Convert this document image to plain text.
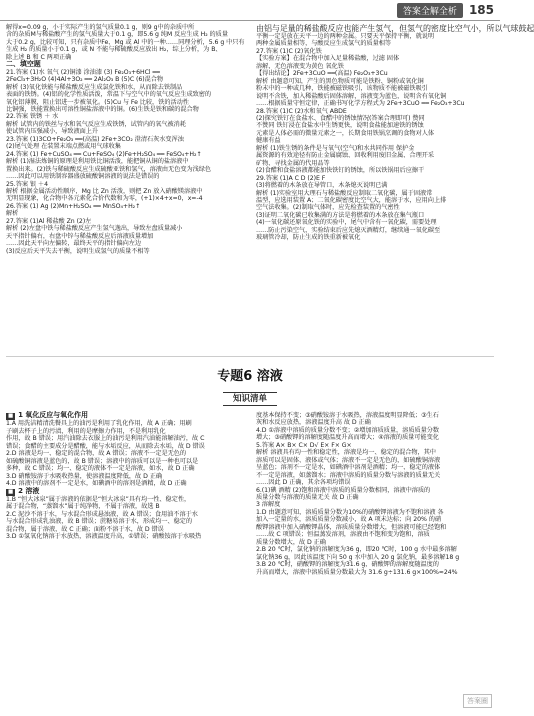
答案全解全析	185

解得x=0.09 g，小于实际产生的氢气质量0.1 g，则9 g中的杂质中所

含的杂质M与稀盐酸产生的氢气质量大于0.1 g，即5.6 g 纯M 反应生成 H₂ 的质量

大于0.2 g，比较可知，只有杂质中Fe、Mg 或 Al 中的一种……同理分析，5.6 g 中只有

生成 H₂ 的质量小于0.1 g，或 N 不能与稀硫酸反应放出 H₂，综上分析，为 B、

除上述 B 和 C 两项正确

二、填空题

21.答案 (1)水 氧气 (2)铜漆 涂油漆 (3) Fe₂O₃+6HCl ══

2FeCl₃+3H₂O (4)4Al+3O₂ ══ 2Al₂O₃ B (5)C (6)混合物

解析 (3)氧化铁能与稀盐酸反应生成氯化铁和水，从而除去铁制品

表面的铁锈。(4)铝的化学性质活泼，常温下与空气中的氧气反应生成致密的

氧化铝薄膜，阻止铝进一步被氧化。(5)Cu 与 Fe 比较，铁的活动性

比铜强，铁能置换出可溶性铜盐溶液中的铜。(6)生铁是铁和碳的混合物

22.答案 铁锈 ＋ 水

解析 试管内的铁丝与水和氧气反应生成铁锈，试管内的氧气被消耗

使试管内压强减小，导致液面上升

23.答案 (1)3CO+Fe₂O₃ ══(高温) 2Fe+3CO₂ 澄清石灰水变浑浊

(2)尾气处理 在装置末端点燃或用气球收集

24.答案 (1) Fe+CuSO₄ ══ Cu+FeSO₄ (2)Fe+H₂SO₄ ══ FeSO₄+H₂↑

解析 (1)湿法炼铜的原理是利用铁比铜活泼，能把铜从铜的盐溶液中

置换出来。(2)铁与稀硫酸反应生成硫酸亚铁和氢气，溶液由无色变为浅绿色

……因此可以用铁制容器盛放硫酸铜溶液的说法是错误的

25.答案 银 ＋4

解析 根据金属活动性顺序，Mg 比 Zn 活泼，则把 Zn 放入硝酸镁溶液中

无明显现象，化合物中各元素化合价代数和为零，(+1)×4+x=0，x=-4

26.答案 (1) Ag (2)Mn+H₂SO₄ ══ MnSO₄+H₂↑

解析

27.答案 (1)Al 稀盐酸 Zn (2)左

解析 (2)左盘中铁与稀盐酸反应产生氢气逸出，导致左盘质量减小

天平指针偏右，右盘中锌与稀盐酸反应后溶液质量增加

……因此天平向左偏转，最终天平的指针偏向左边

(3)反应后天平失去平衡，说明生成氢气的质量不相等

由铝与足量的稀盐酸反应也能产生氢气，但氢气的密度比空气小，所以气球鼓起

平衡一定是放在天平一边的两种金属。只要天平保持平衡，就说明

两种金属质量相等，与酸反应生成氢气的质量相等

27.答案 (1)C (2)氧化铁

【实验方案】在混合物中加入足量稀盐酸，过滤 固体

溶解，无色溶液变为黄色 氧化铁

【得出结论】2Fe+3CuO ══(高温) Fe₂O₃+3Cu

解析 由题意可知，产生的黑色物质可能是铁粉、铜粉或氧化铜

粉末中的一种或几种，铁能被磁铁吸引，该物质不能被磁铁吸引

说明不含铁，加入稀盐酸后固体溶解，溶液变为蓝色，说明含有氧化铜

……根据质量守恒定律，正确书写化学方程式为 2Fe+3CuO ══ Fe₂O₃+3Cu

28.答案 (1)C (2)水和氧气 ABDE

(2)探究铁钉在食盐水、食醋中的锈蚀情况(答案合理即可) 赞同

不赞同 铁钉浸在食盐水中生锈更快，说明食盐能加速铁的锈蚀

元素是人体必需的微量元素之一，长期食用铁锅烹调的食物对人体

健康有益

解析 (1)铁生锈的条件是与氧气(空气)和水共同作用 保护金

属资源的有效途径有防止金属腐蚀、回收利用废旧金属、合理开采

矿物、寻找金属的代用品等

(2)食醋和食盐溶液都能加快铁钉的锈蚀，所以铁锅用后应擦干

29.答案 (1)A C D (2)E F

(3)将燃着的木条放在导管口，木条熄灭说明已满

解析 (1)实验室用大理石与稀盐酸反应制取二氧化碳，属于固液常

温型，应选用装置 A；二氧化碳密度比空气大，能溶于水，应用向上排

空气法收集。(2)制取气体时，应先检查装置的气密性

(3)证明二氧化碳已收集满的方法是将燃着的木条放在集气瓶口

(4)一氧化碳还原氧化铁的实验中，尾气中含有一氧化碳，需要处理

……防止污染空气，实验结束后应先熄灭酒精灯，继续通一氧化碳至

玻璃管冷却，防止生成的铁重新被氧化

专题6 溶液
知识清单

■ 1 氧化反应与氧化作用

1.A 用洗洁精清洗餐具上的油污是利用了乳化作用，故 A 正确；用刷

子刷去杯子上的污渍，利用的是摩擦力作用，不是利用乳化

作用，故 B 错误；用汽油除去衣服上的油污是利用汽油能溶解油污，故 C

错误；食醋的主要成分是醋酸，能与水垢反应，从而除去水垢，故 D 错误

2.D 溶液是均一、稳定的混合物，故 A 错误；溶液不一定是无色的

如硫酸铜溶液是蓝色的，故 B 错误；溶液中的溶质可以是一种也可以是

多种，故 C 错误；均一、稳定的液体不一定是溶液，如水，故 D 正确

3.D 硝酸铵溶于水吸收热量，使溶液温度降低，故 D 正确

4.D 溶液中的溶剂不一定是水，如碘酒中的溶剂是酒精，故 D 正确

■ 2 溶液

1.B “恒大冰泉”属于溶液的依据是“恒大冰泉”具有均一性、稳定性，

属于混合物，“蒸馏水”属于纯净物，不属于溶液，故选 B

2.C 泥沙不溶于水，与水混合形成悬浊液，故 A 错误；食用油不溶于水

与水混合形成乳浊液，故 B 错误；蔗糖易溶于水，形成均一、稳定的

混合物，属于溶液，故 C 正确；面粉不溶于水，故 D 错误

3.D ①氢氧化钠溶于水放热，溶液温度升高，①错误；硝酸铵溶于水吸热

度基本保持不变；③硝酸铵溶于水吸热，溶液温度明显降低；③生石

灰和水反应放热，溶液温度升高 故 D 正确

4.D ①溶液中溶质的质量分数不变；②增加溶质质量，溶质质量分数

增大；③硝酸钾的溶解度随温度升高而增大；④溶液的质量可能变化

5.答案 A× B× C× D√ E× F× G×

解析 溶液具有均一性和稳定性，溶液是均一、稳定的混合物，其中

溶质可以是固体、液体或气体；溶液不一定是无色的，如硫酸铜溶液

呈蓝色；溶剂不一定是水，如碘酒中溶剂是酒精；均一、稳定的液体

不一定是溶液，如蒸馏水；溶液中溶质的质量分数与溶液的质量无关

……因此 D 正确，其余各项均错误

6.(1)碘 酒精 (2)饱和溶液中溶质的质量分数相同，溶液中溶质的

质量分数与溶液的质量无关 故 D 正确

3 溶解度

1.D 由题意可知，溶质质量分数为10%的硝酸钾溶液为不饱和溶液 各

加入一定量的水，溶质质量分数减小，故 A 项未达标；向 20% 的硝

酸钾溶液中加入硝酸钾晶体，溶质质量分数增大，但溶液可能已经饱和

……故 C 项错误；恒温蒸发溶剂，溶液由不饱和变为饱和，溶质

质量分数增大，故 D 正确

2.B 20 ℃时，氯化钠的溶解度为36 g，即20 ℃时，100 g 水中最多溶解

氯化钠36 g，因此该温度下向 50 g 水中加入 20 g 氯化钠，最多溶解18 g

3.B 20 ℃时，硝酸钾的溶解度为31.6 g，硝酸钾的溶解度随温度的

升高而增大，溶液中溶质质量分数最大为 31.6 g÷131.6 g×100%≈24%

答案圈
